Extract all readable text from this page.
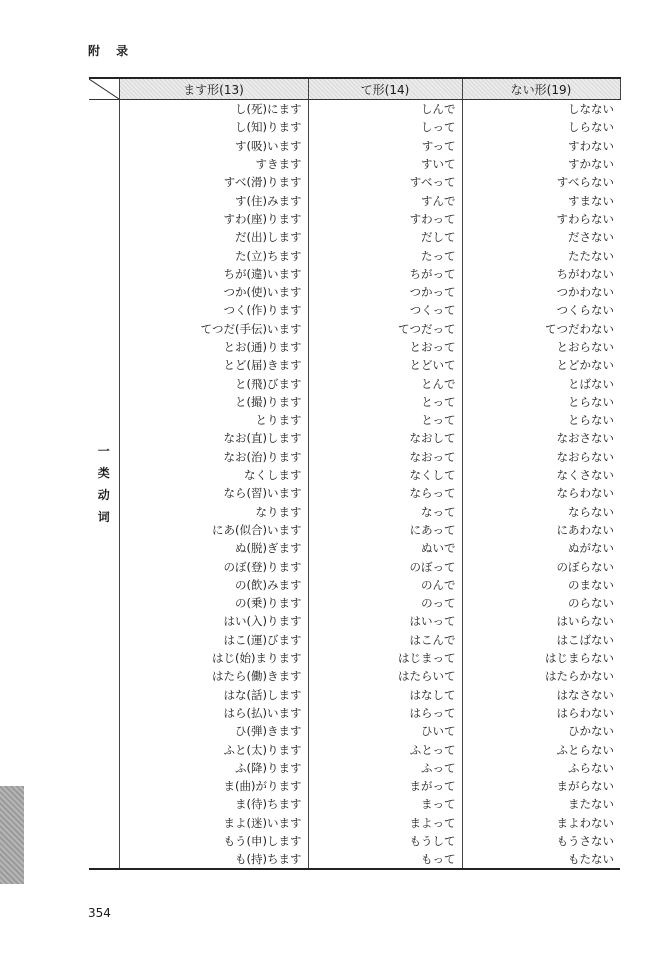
附 录
	ます形(13)	て形(14)	ない形(19)

一
类
动
词	し(死)にます	しんで	しなない
	し(知)ります	しって	しらない
	す(吸)います	すって	すわない
	すきます	すいて	すかない
	すべ(滑)ります	すべって	すべらない
	す(住)みます	すんで	すまない
	すわ(座)ります	すわって	すわらない
	だ(出)します	だして	ださない
	た(立)ちます	たって	たたない
	ちが(違)います	ちがって	ちがわない
	つか(使)います	つかって	つかわない
	つく(作)ります	つくって	つくらない
	てつだ(手伝)います	てつだって	てつだわない
	とお(通)ります	とおって	とおらない
	とど(届)きます	とどいて	とどかない
	と(飛)びます	とんで	とばない
	と(撮)ります	とって	とらない
	とります	とって	とらない
	なお(直)します	なおして	なおさない
	なお(治)ります	なおって	なおらない
	なくします	なくして	なくさない
	なら(習)います	ならって	ならわない
	なります	なって	ならない
	にあ(似合)います	にあって	にあわない
	ぬ(脱)ぎます	ぬいで	ぬがない
	のぼ(登)ります	のぼって	のぼらない
	の(飲)みます	のんで	のまない
	の(乗)ります	のって	のらない
	はい(入)ります	はいって	はいらない
	はこ(運)びます	はこんで	はこばない
	はじ(始)まります	はじまって	はじまらない
	はたら(働)きます	はたらいて	はたらかない
	はな(話)します	はなして	はなさない
	はら(払)います	はらって	はらわない
	ひ(弾)きます	ひいて	ひかない
	ふと(太)ります	ふとって	ふとらない
	ふ(降)ります	ふって	ふらない
	ま(曲)がります	まがって	まがらない
	ま(待)ちます	まって	またない
	まよ(迷)います	まよって	まよわない
	もう(申)します	もうして	もうさない
	も(持)ちます	もって	もたない
354
